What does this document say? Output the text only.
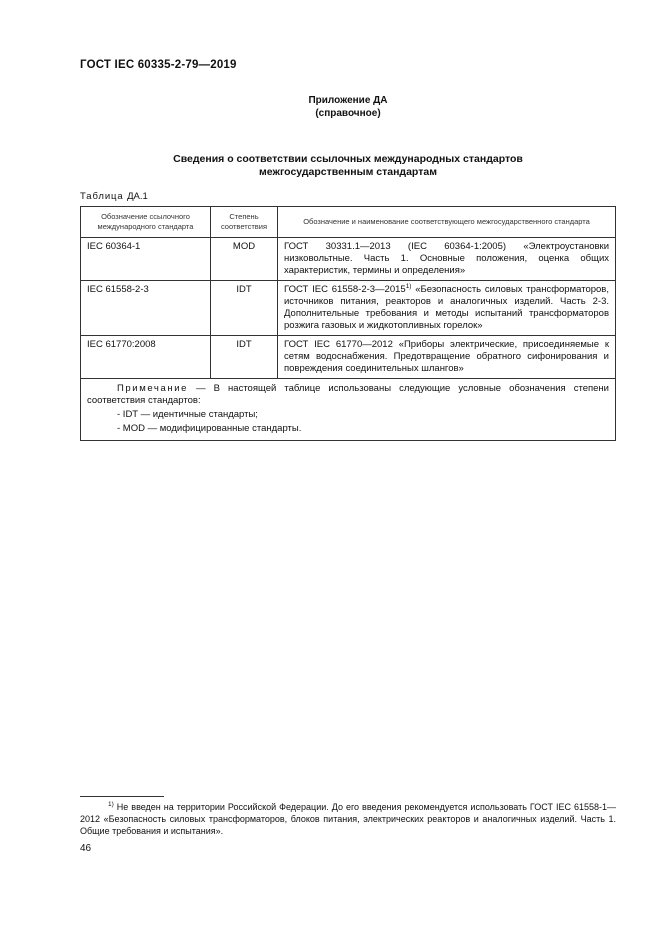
ГОСТ IEC 60335-2-79—2019
Приложение ДА
(справочное)
Сведения о соответствии ссылочных международных стандартов
межгосударственным стандартам
Таблица ДА.1
Обозначение ссылочного международного стандарта	Степень соответствия	Обозначение и наименование соответствующего межгосударственного стандарта
IEC 60364-1	MOD	ГОСТ 30331.1—2013 (IEC 60364-1:2005) «Электроустановки низковольтные. Часть 1. Основные положения, оценка общих характеристик, термины и определения»
IEC 61558-2-3	IDT	ГОСТ IEC 61558-2-3—2015$^{1)}$ «Безопасность силовых трансформаторов, источников питания, реакторов и аналогичных изделий. Часть 2-3. Дополнительные требования и методы испытаний трансформаторов розжига газовых и жидкотопливных горелок»
IEC 61770:2008	IDT	ГОСТ IEC 61770—2012 «Приборы электрические, присоединяемые к сетям водоснабжения. Предотвращение обратного сифонирования и повреждения соединительных шлангов»

Примечание — В настоящей таблице использованы следующие условные обозначения степени соответствия стандартов:
- IDT — идентичные стандарты;
- MOD — модифицированные стандарты.		
$^{1)}$ Не введен на территории Российской Федерации. До его введения рекомендуется использовать ГОСТ IEC 61558-1—2012 «Безопасность силовых трансформаторов, блоков питания, электрических реакторов и аналогичных изделий. Часть 1. Общие требования и испытания».
46
